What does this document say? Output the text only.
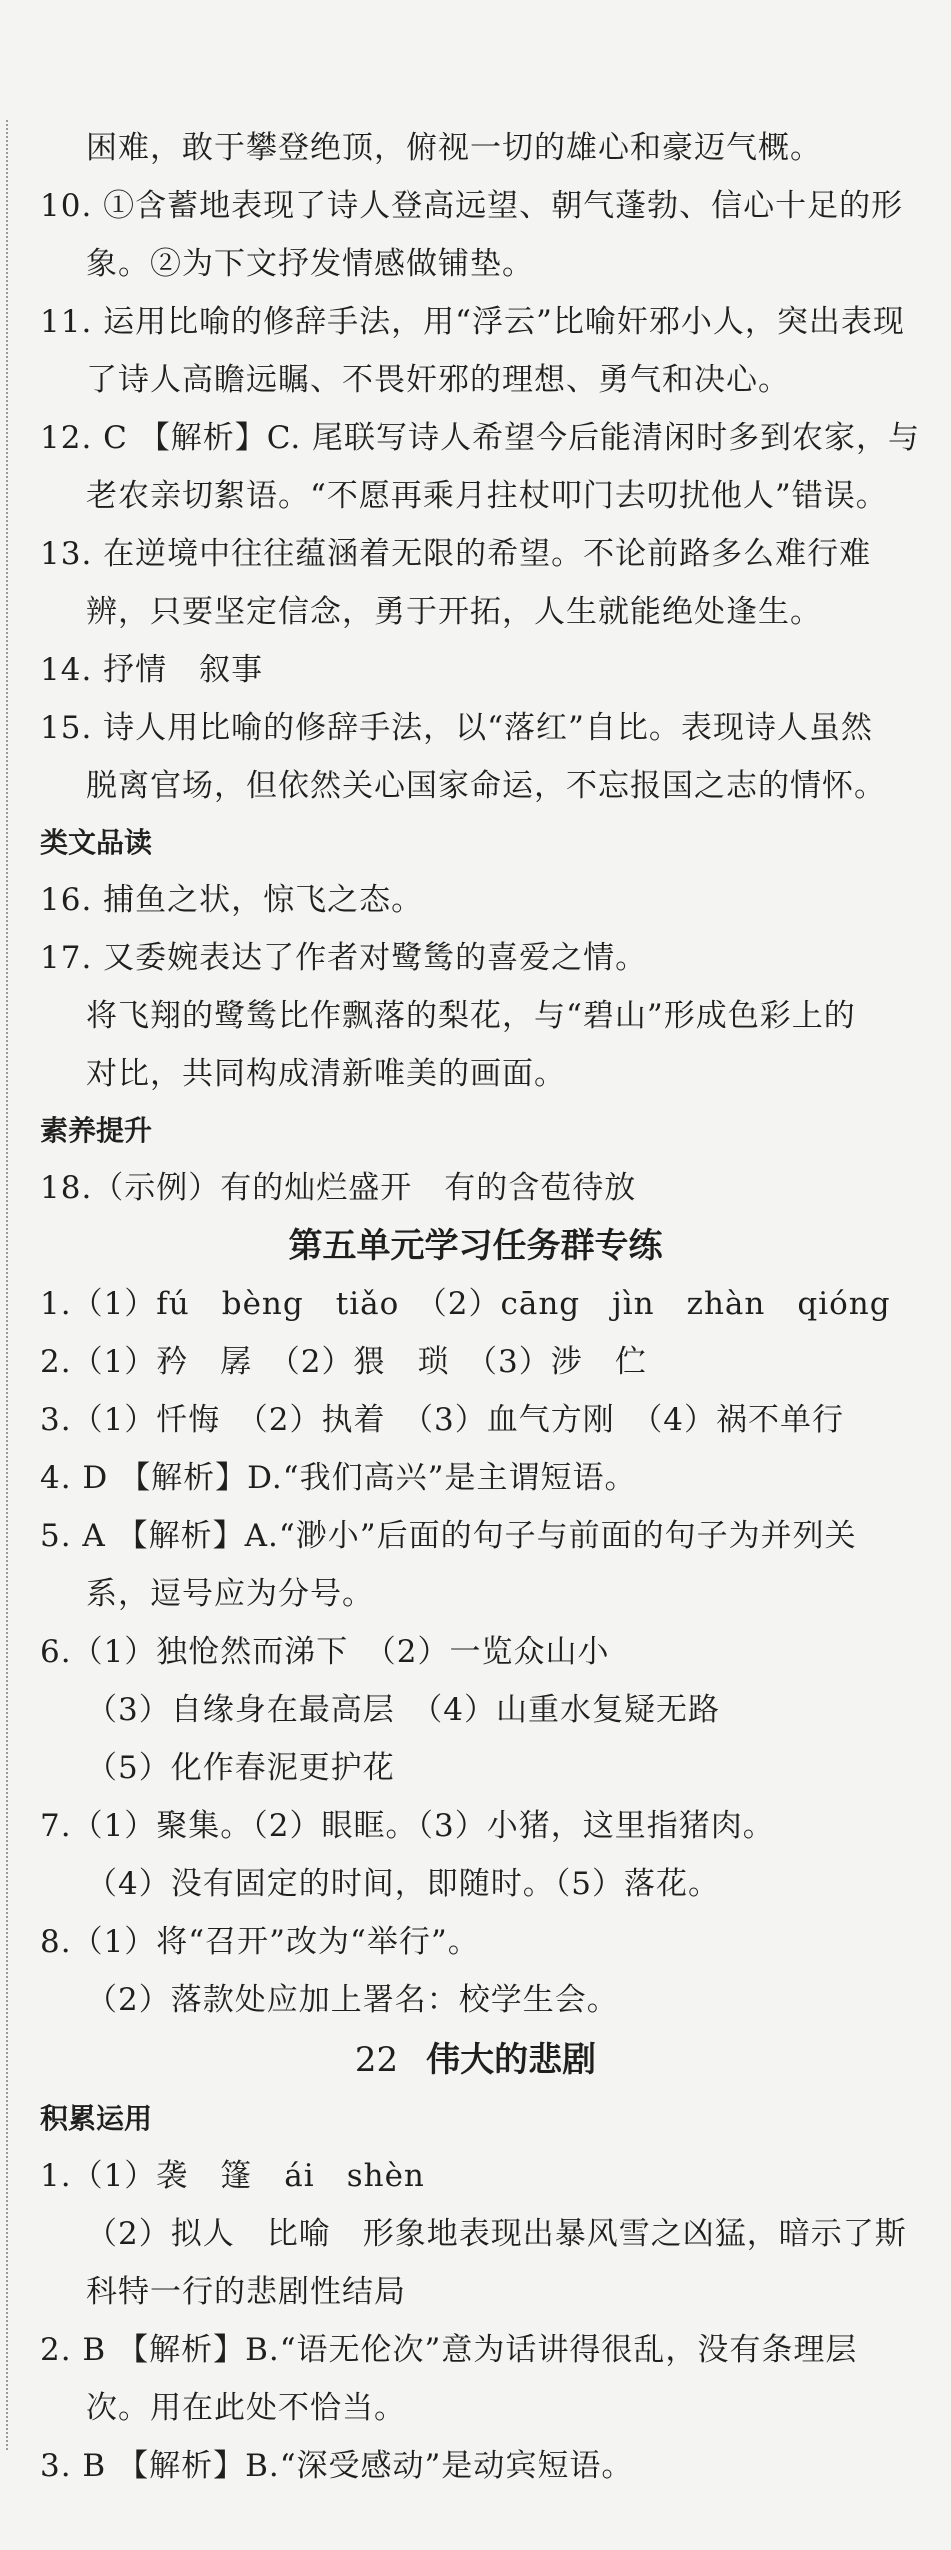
困难，敢于攀登绝顶，俯视一切的雄心和豪迈气概。
10. ①含蓄地表现了诗人登高远望、朝气蓬勃、信心十足的形
象。②为下文抒发情感做铺垫。
11. 运用比喻的修辞手法，用“浮云”比喻奸邪小人，突出表现
了诗人高瞻远瞩、不畏奸邪的理想、勇气和决心。
12. C 【解析】C. 尾联写诗人希望今后能清闲时多到农家，与
老农亲切絮语。“不愿再乘月拄杖叩门去叨扰他人”错误。
13. 在逆境中往往蕴涵着无限的希望。不论前路多么难行难
辨，只要坚定信念，勇于开拓，人生就能绝处逢生。
14. 抒情　叙事
15. 诗人用比喻的修辞手法，以“落红”自比。表现诗人虽然
脱离官场，但依然关心国家命运，不忘报国之志的情怀。
类文品读
16. 捕鱼之状，惊飞之态。
17. 又委婉表达了作者对鹭鸶的喜爱之情。
将飞翔的鹭鸶比作飘落的梨花，与“碧山”形成色彩上的
对比，共同构成清新唯美的画面。
素养提升
18.（示例）有的灿烂盛开　有的含苞待放
第五单元学习任务群专练
1.（1）fú　bèng　tiǎo　（2）cāng　jìn　zhàn　qióng
2.（1）矜　孱　（2）猥　琐　（3）涉　伫
3.（1）忏悔　（2）执着　（3）血气方刚　（4）祸不单行
4. D 【解析】D.“我们高兴”是主谓短语。
5. A 【解析】A.“渺小”后面的句子与前面的句子为并列关
系，逗号应为分号。
6.（1）独怆然而涕下　（2）一览众山小
（3）自缘身在最高层　（4）山重水复疑无路
（5）化作春泥更护花
7.（1）聚集。（2）眼眶。（3）小猪，这里指猪肉。
（4）没有固定的时间，即随时。（5）落花。
8.（1）将“召开”改为“举行”。
（2）落款处应加上署名：校学生会。
22 伟大的悲剧
积累运用
1.（1）袭　篷　ái　shèn
（2）拟人　比喻　形象地表现出暴风雪之凶猛，暗示了斯
科特一行的悲剧性结局
2. B 【解析】B.“语无伦次”意为话讲得很乱，没有条理层
次。用在此处不恰当。
3. B 【解析】B.“深受感动”是动宾短语。
